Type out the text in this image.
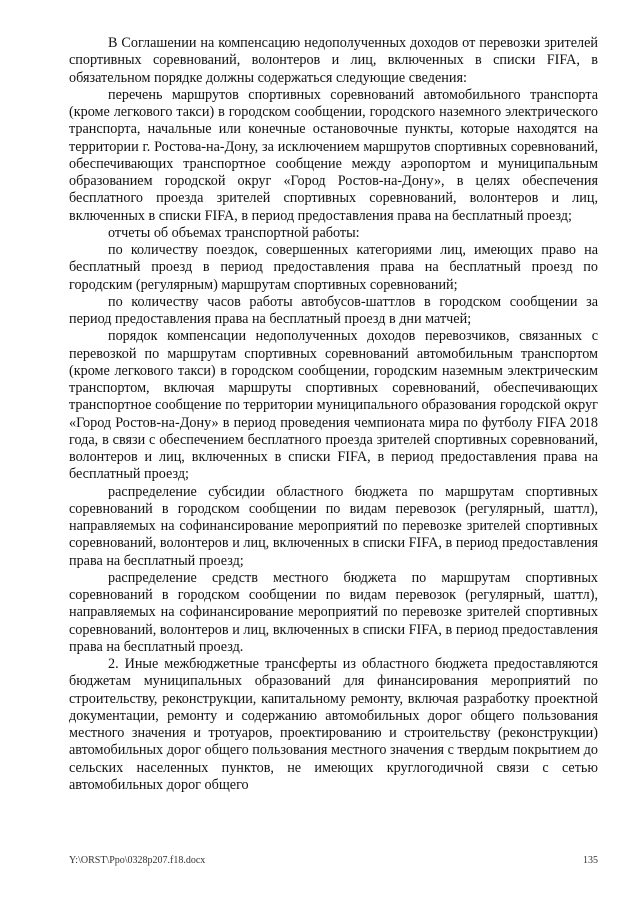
В Соглашении на компенсацию недополученных доходов от перевозки зрителей спортивных соревнований, волонтеров и лиц, включенных в списки FIFA, в обязательном порядке должны содержаться следующие сведения:

перечень маршрутов спортивных соревнований автомобильного транспорта (кроме легкового такси) в городском сообщении, городского наземного электрического транспорта, начальные или конечные остановочные пункты, которые находятся на территории г. Ростова-на-Дону, за исключением маршрутов спортивных соревнований, обеспечивающих транспортное сообщение между аэропортом и муниципальным образованием городской округ «Город Ростов-на-Дону», в целях обеспечения бесплатного проезда зрителей спортивных соревнований, волонтеров и лиц, включенных в списки FIFA, в период предоставления права на бесплатный проезд;

отчеты об объемах транспортной работы:

по количеству поездок, совершенных категориями лиц, имеющих право на бесплатный проезд в период предоставления права на бесплатный проезд по городским (регулярным) маршрутам спортивных соревнований;

по количеству часов работы автобусов-шаттлов в городском сообщении за период предоставления права на бесплатный проезд в дни матчей;

порядок компенсации недополученных доходов перевозчиков, связанных с перевозкой по маршрутам спортивных соревнований автомобильным транспортом (кроме легкового такси) в городском сообщении, городским наземным электрическим транспортом, включая маршруты спортивных соревнований, обеспечивающих транспортное сообщение по территории муниципального образования городской округ «Город Ростов-на-Дону» в период проведения чемпионата мира по футболу FIFA 2018 года, в связи с обеспечением бесплатного проезда зрителей спортивных соревнований, волонтеров и лиц, включенных в списки FIFA, в период предоставления права на бесплатный проезд;

распределение субсидии областного бюджета по маршрутам спортивных соревнований в городском сообщении по видам перевозок (регулярный, шаттл), направляемых на софинансирование мероприятий по перевозке зрителей спортивных соревнований, волонтеров и лиц, включенных в списки FIFA, в период предоставления права на бесплатный проезд;

распределение средств местного бюджета по маршрутам спортивных соревнований в городском сообщении по видам перевозок (регулярный, шаттл), направляемых на софинансирование мероприятий по перевозке зрителей спортивных соревнований, волонтеров и лиц, включенных в списки FIFA, в период предоставления права на бесплатный проезд.

2. Иные межбюджетные трансферты из областного бюджета предоставляются бюджетам муниципальных образований для финансирования мероприятий по строительству, реконструкции, капитальному ремонту, включая разработку проектной документации, ремонту и содержанию автомобильных дорог общего пользования местного значения и тротуаров, проектированию и строительству (реконструкции) автомобильных дорог общего пользования местного значения с твердым покрытием до сельских населенных пунктов, не имеющих круглогодичной связи с сетью автомобильных дорог общего

Y:\ORST\Ppo\0328p207.f18.docx	135
